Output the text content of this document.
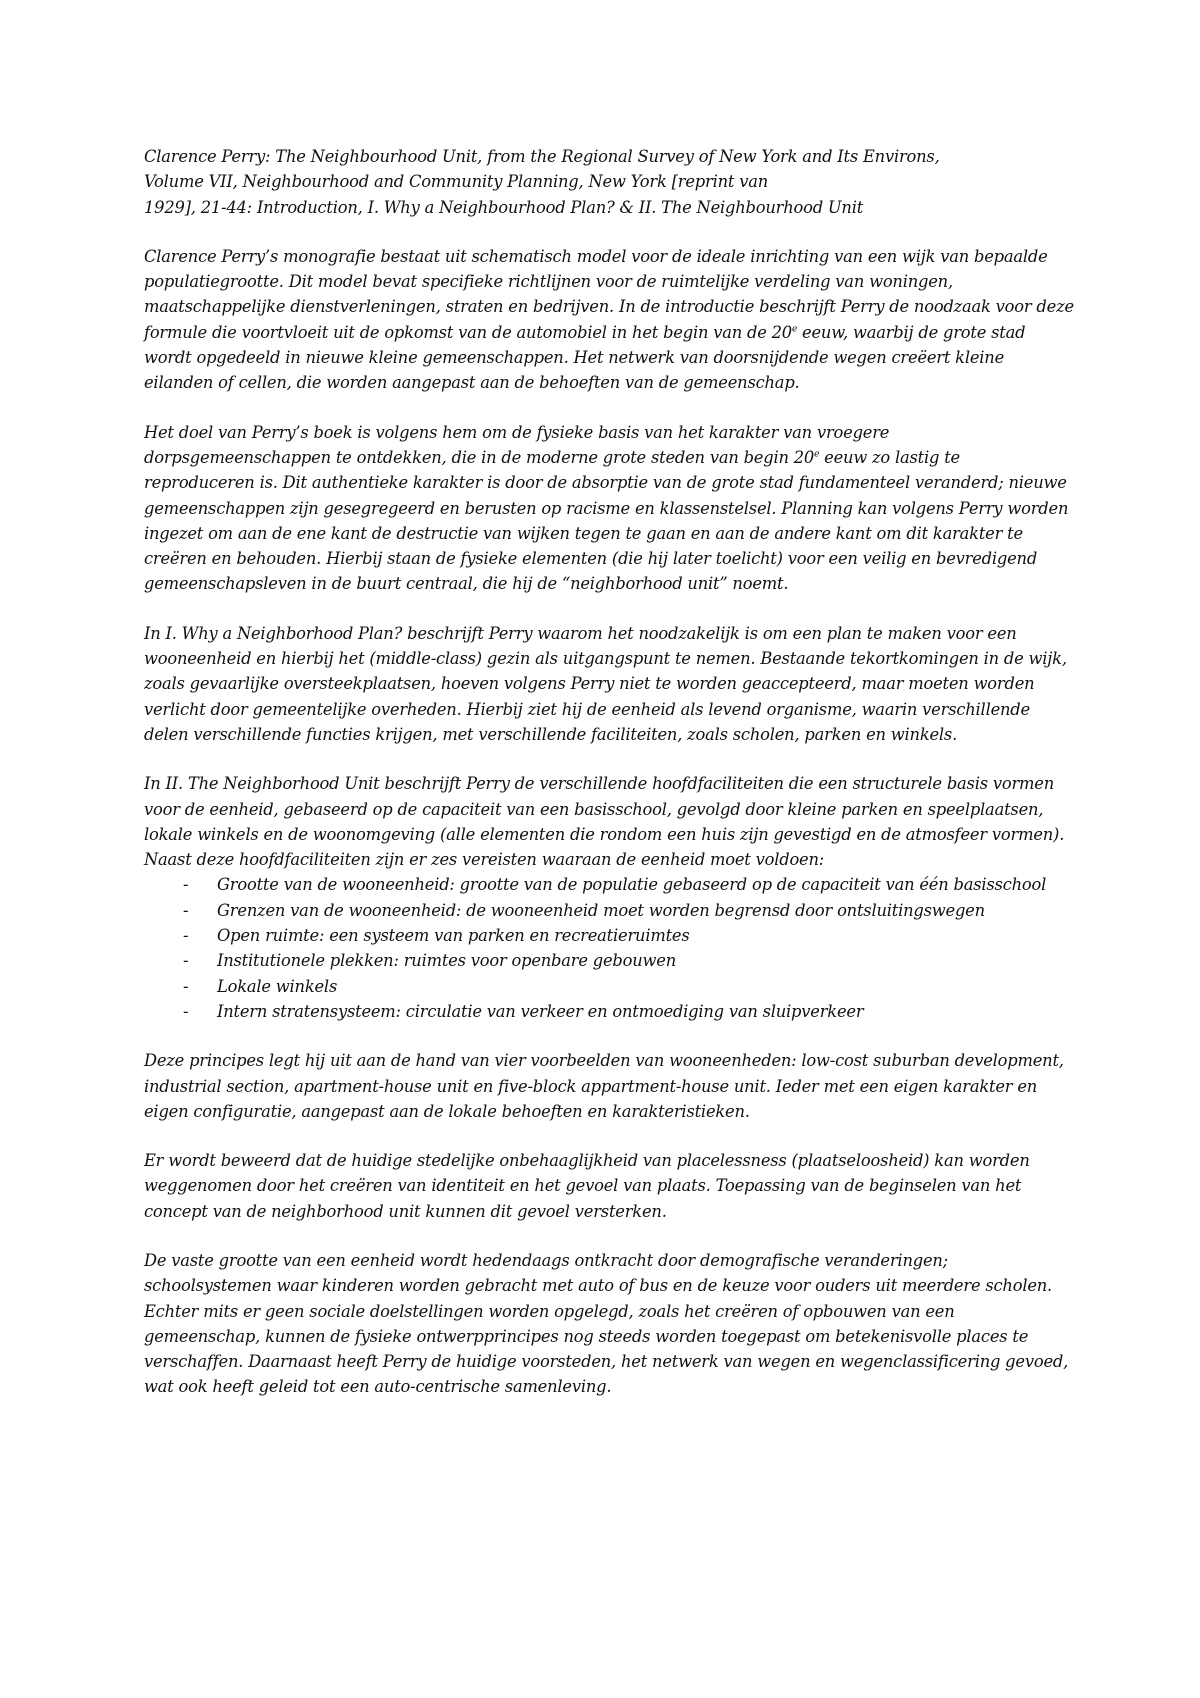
Clarence Perry: The Neighbourhood Unit, from the Regional Survey of New York and Its Environs,
Volume VII, Neighbourhood and Community Planning, New York [reprint van
1929], 21-44: Introduction, I. Why a Neighbourhood Plan? & II. The Neighbourhood Unit

Clarence Perry’s monografie bestaat uit schematisch model voor de ideale inrichting van een wijk van bepaalde populatiegrootte. Dit model bevat specifieke richtlijnen voor de ruimtelijke verdeling van woningen, maatschappelijke dienstverleningen, straten en bedrijven. In de introductie beschrijft Perry de noodzaak voor deze formule die voortvloeit uit de opkomst van de automobiel in het begin van de 20e eeuw, waarbij de grote stad wordt opgedeeld in nieuwe kleine gemeenschappen. Het netwerk van doorsnijdende wegen creëert kleine eilanden of cellen, die worden aangepast aan de behoeften van de gemeenschap.

Het doel van Perry’s boek is volgens hem om de fysieke basis van het karakter van vroegere dorpsgemeenschappen te ontdekken, die in de moderne grote steden van begin 20e eeuw zo lastig te reproduceren is. Dit authentieke karakter is door de absorptie van de grote stad fundamenteel veranderd; nieuwe gemeenschappen zijn gesegregeerd en berusten op racisme en klassenstelsel. Planning kan volgens Perry worden ingezet om aan de ene kant de destructie van wijken tegen te gaan en aan de andere kant om dit karakter te creëren en behouden. Hierbij staan de fysieke elementen (die hij later toelicht) voor een veilig en bevredigend gemeenschapsleven in de buurt centraal, die hij de “neighborhood unit” noemt.

In I. Why a Neighborhood Plan? beschrijft Perry waarom het noodzakelijk is om een plan te maken voor een wooneenheid en hierbij het (middle-class) gezin als uitgangspunt te nemen. Bestaande tekortkomingen in de wijk, zoals gevaarlijke oversteekplaatsen, hoeven volgens Perry niet te worden geaccepteerd, maar moeten worden verlicht door gemeentelijke overheden. Hierbij ziet hij de eenheid als levend organisme, waarin verschillende delen verschillende functies krijgen, met verschillende faciliteiten, zoals scholen, parken en winkels.

In II. The Neighborhood Unit beschrijft Perry de verschillende hoofdfaciliteiten die een structurele basis vormen voor de eenheid, gebaseerd op de capaciteit van een basisschool, gevolgd door kleine parken en speelplaatsen, lokale winkels en de woonomgeving (alle elementen die rondom een huis zijn gevestigd en de atmosfeer vormen). Naast deze hoofdfaciliteiten zijn er zes vereisten waaraan de eenheid moet voldoen:

- Grootte van de wooneenheid: grootte van de populatie gebaseerd op de capaciteit van één basisschool
- Grenzen van de wooneenheid: de wooneenheid moet worden begrensd door ontsluitingswegen
- Open ruimte: een systeem van parken en recreatieruimtes
- Institutionele plekken: ruimtes voor openbare gebouwen
- Lokale winkels
- Intern stratensysteem: circulatie van verkeer en ontmoediging van sluipverkeer

Deze principes legt hij uit aan de hand van vier voorbeelden van wooneenheden: low-cost suburban development, industrial section, apartment-house unit en five-block appartment-house unit. Ieder met een eigen karakter en eigen configuratie, aangepast aan de lokale behoeften en karakteristieken.

Er wordt beweerd dat de huidige stedelijke onbehaaglijkheid van placelessness (plaatseloosheid) kan worden weggenomen door het creëren van identiteit en het gevoel van plaats. Toepassing van de beginselen van het concept van de neighborhood unit kunnen dit gevoel versterken.

De vaste grootte van een eenheid wordt hedendaags ontkracht door demografische veranderingen; schoolsystemen waar kinderen worden gebracht met auto of bus en de keuze voor ouders uit meerdere scholen. Echter mits er geen sociale doelstellingen worden opgelegd, zoals het creëren of opbouwen van een gemeenschap, kunnen de fysieke ontwerpprincipes nog steeds worden toegepast om betekenisvolle places te verschaffen. Daarnaast heeft Perry de huidige voorsteden, het netwerk van wegen en wegenclassificering gevoed, wat ook heeft geleid tot een auto-centrische samenleving.
